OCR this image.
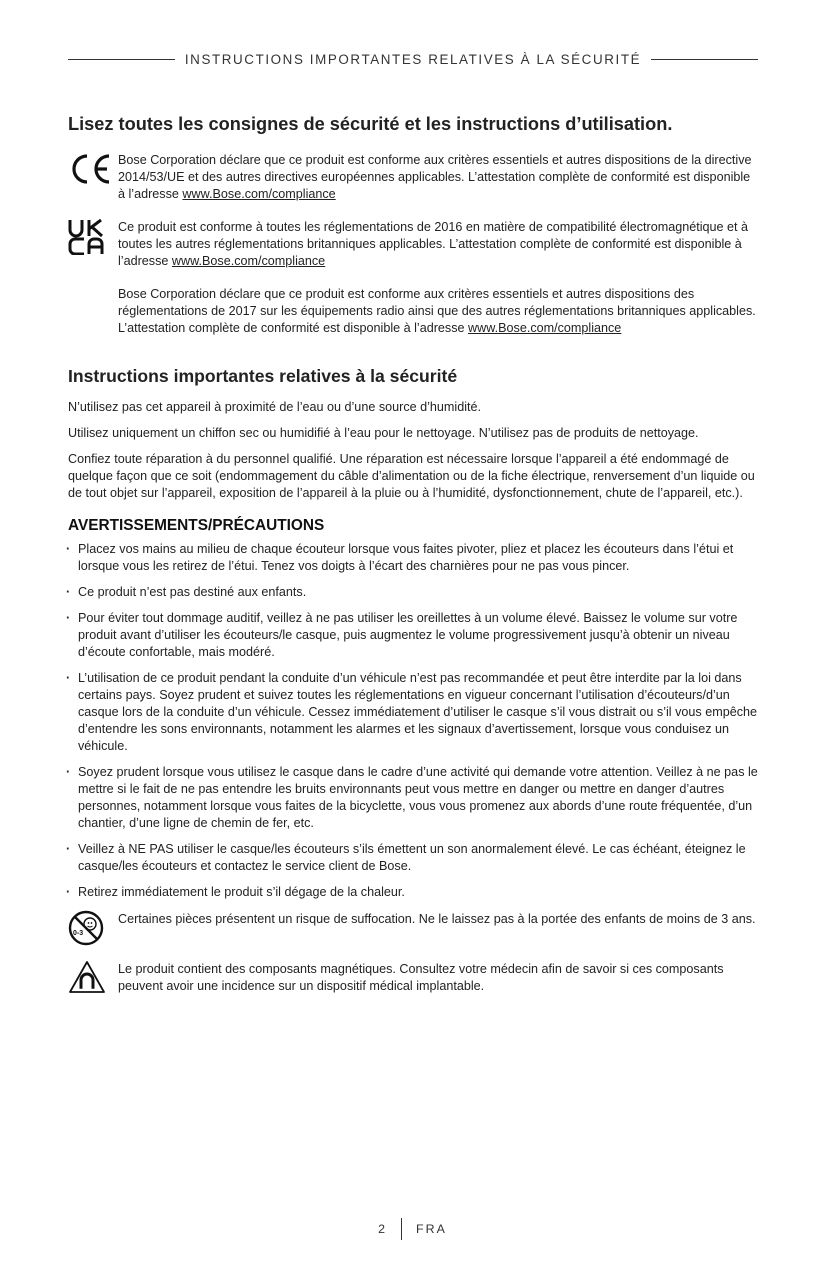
INSTRUCTIONS IMPORTANTES RELATIVES À LA SÉCURITÉ
Lisez toutes les consignes de sécurité et les instructions d’utilisation.

Bose Corporation déclare que ce produit est conforme aux critères essentiels et autres dispositions de la directive 2014/53/UE et des autres directives européennes applicables. L’attestation complète de conformité est disponible à l’adresse www.Bose.com/compliance

Ce produit est conforme à toutes les réglementations de 2016 en matière de compatibilité électromagnétique et à toutes les autres réglementations britanniques applicables. L’attestation complète de conformité est disponible à l’adresse www.Bose.com/compliance

Bose Corporation déclare que ce produit est conforme aux critères essentiels et autres dispositions des réglementations de 2017 sur les équipements radio ainsi que des autres réglementations britanniques applicables. L’attestation complète de conformité est disponible à l’adresse www.Bose.com/compliance

Instructions importantes relatives à la sécurité

N’utilisez pas cet appareil à proximité de l’eau ou d’une source d’humidité.

Utilisez uniquement un chiffon sec ou humidifié à l’eau pour le nettoyage. N’utilisez pas de produits de nettoyage.

Confiez toute réparation à du personnel qualifié. Une réparation est nécessaire lorsque l’appareil a été endommagé de quelque façon que ce soit (endommagement du câble d’alimentation ou de la fiche électrique, renversement d’un liquide ou de tout objet sur l’appareil, exposition de l’appareil à la pluie ou à l’humidité, dysfonctionnement, chute de l’appareil, etc.).

AVERTISSEMENTS/PRÉCAUTIONS
· Placez vos mains au milieu de chaque écouteur lorsque vous faites pivoter, pliez et placez les écouteurs dans l’étui et lorsque vous les retirez de l’étui. Tenez vos doigts à l’écart des charnières pour ne pas vous pincer.
· Ce produit n’est pas destiné aux enfants.
· Pour éviter tout dommage auditif, veillez à ne pas utiliser les oreillettes à un volume élevé. Baissez le volume sur votre produit avant d’utiliser les écouteurs/le casque, puis augmentez le volume progressivement jusqu’à obtenir un niveau d’écoute confortable, mais modéré.
· L’utilisation de ce produit pendant la conduite d’un véhicule n’est pas recommandée et peut être interdite par la loi dans certains pays. Soyez prudent et suivez toutes les réglementations en vigueur concernant l’utilisation d’écouteurs/d’un casque lors de la conduite d’un véhicule. Cessez immédiatement d’utiliser le casque s’il vous distrait ou s’il vous empêche d’entendre les sons environnants, notamment les alarmes et les signaux d’avertissement, lorsque vous conduisez un véhicule.
· Soyez prudent lorsque vous utilisez le casque dans le cadre d’une activité qui demande votre attention. Veillez à ne pas le mettre si le fait de ne pas entendre les bruits environnants peut vous mettre en danger ou mettre en danger d’autres personnes, notamment lorsque vous faites de la bicyclette, vous vous promenez aux abords d’une route fréquentée, d’un chantier, d’une ligne de chemin de fer, etc.
· Veillez à NE PAS utiliser le casque/les écouteurs s’ils émettent un son anormalement élevé. Le cas échéant, éteignez le casque/les écouteurs et contactez le service client de Bose.
· Retirez immédiatement le produit s’il dégage de la chaleur.
0-3
Certaines pièces présentent un risque de suffocation. Ne le laissez pas à la portée des enfants de moins de 3 ans.
Le produit contient des composants magnétiques. Consultez votre médecin afin de savoir si ces composants peuvent avoir une incidence sur un dispositif médical implantable.
2 FRA
